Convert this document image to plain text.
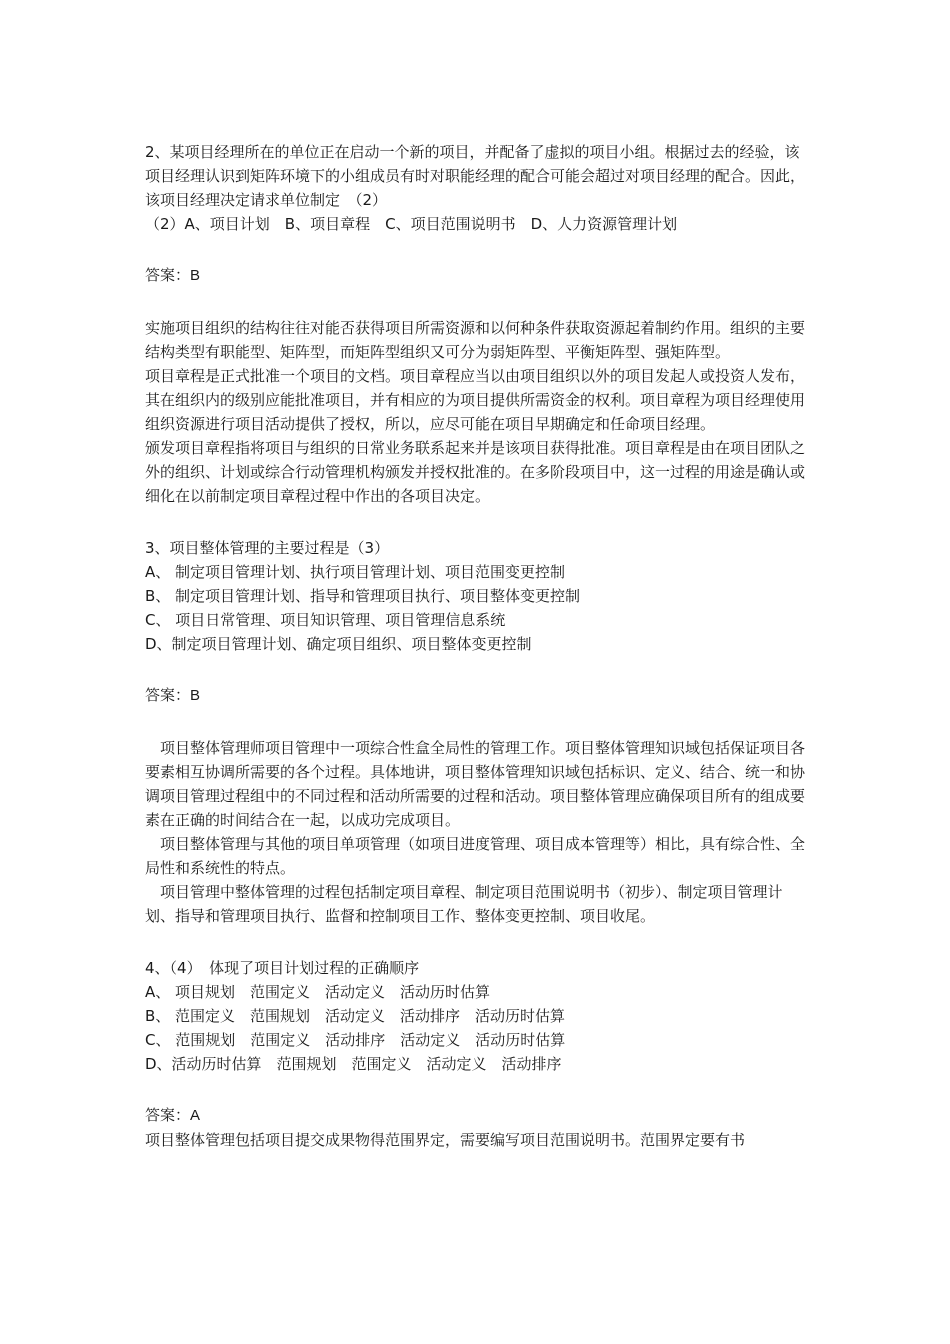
2、某项目经理所在的单位正在启动一个新的项目，并配备了虚拟的项目小组。根据过去的经验，该项目经理认识到矩阵环境下的小组成员有时对职能经理的配合可能会超过对项目经理的配合。因此，该项目经理决定请求单位制定　（2）

（2）A、项目计划　B、项目章程　C、项目范围说明书　D、人力资源管理计划

答案：B

实施项目组织的结构往往对能否获得项目所需资源和以何种条件获取资源起着制约作用。组织的主要结构类型有职能型、矩阵型，而矩阵型组织又可分为弱矩阵型、平衡矩阵型、强矩阵型。

项目章程是正式批准一个项目的文档。项目章程应当以由项目组织以外的项目发起人或投资人发布，其在组织内的级别应能批准项目，并有相应的为项目提供所需资金的权利。项目章程为项目经理使用组织资源进行项目活动提供了授权，所以，应尽可能在项目早期确定和任命项目经理。

颁发项目章程指将项目与组织的日常业务联系起来并是该项目获得批准。项目章程是由在项目团队之外的组织、计划或综合行动管理机构颁发并授权批准的。在多阶段项目中，这一过程的用途是确认或细化在以前制定项目章程过程中作出的各项目决定。

3、项目整体管理的主要过程是（3）

A、 制定项目管理计划、执行项目管理计划、项目范围变更控制

B、 制定项目管理计划、指导和管理项目执行、项目整体变更控制

C、 项目日常管理、项目知识管理、项目管理信息系统

D、制定项目管理计划、确定项目组织、项目整体变更控制

答案：B

项目整体管理师项目管理中一项综合性盒全局性的管理工作。项目整体管理知识域包括保证项目各要素相互协调所需要的各个过程。具体地讲，项目整体管理知识域包括标识、定义、结合、统一和协调项目管理过程组中的不同过程和活动所需要的过程和活动。项目整体管理应确保项目所有的组成要素在正确的时间结合在一起，以成功完成项目。

项目整体管理与其他的项目单项管理（如项目进度管理、项目成本管理等）相比，具有综合性、全局性和系统性的特点。

项目管理中整体管理的过程包括制定项目章程、制定项目范围说明书（初步）、制定项目管理计划、指导和管理项目执行、监督和控制项目工作、整体变更控制、项目收尾。

4、（4）　体现了项目计划过程的正确顺序

A、 项目规划　范围定义　活动定义　活动历时估算

B、 范围定义　范围规划　活动定义　活动排序　活动历时估算

C、 范围规划　范围定义　活动排序　活动定义　活动历时估算

D、活动历时估算　范围规划　范围定义　活动定义　活动排序

答案：A

项目整体管理包括项目提交成果物得范围界定，需要编写项目范围说明书。范围界定要有书
